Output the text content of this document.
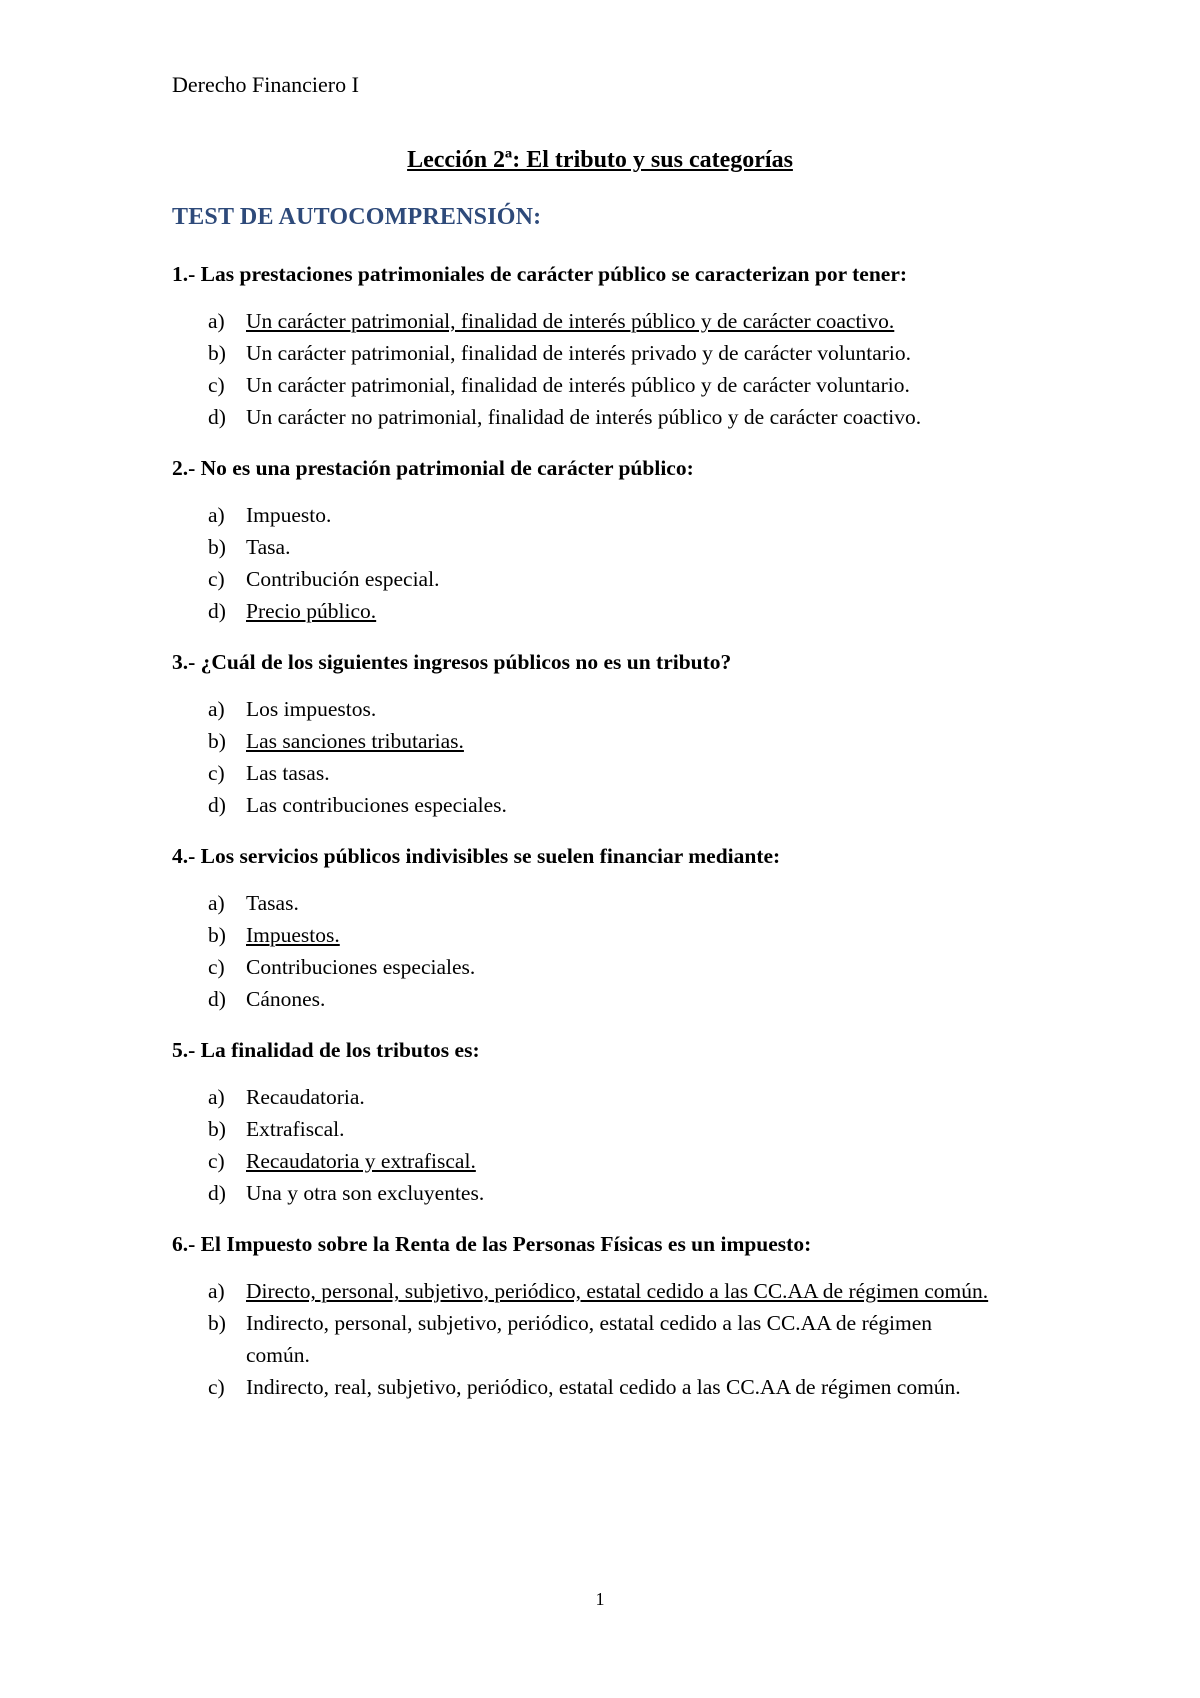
Derecho Financiero I
Lección 2ª: El tributo y sus categorías
TEST DE AUTOCOMPRENSIÓN:

1.- Las prestaciones patrimoniales de carácter público se caracterizan por tener:

a) Un carácter patrimonial, finalidad de interés público y de carácter coactivo.
b) Un carácter patrimonial, finalidad de interés privado y de carácter voluntario.
c) Un carácter patrimonial, finalidad de interés público y de carácter voluntario.
d) Un carácter no patrimonial, finalidad de interés público y de carácter coactivo.

2.- No es una prestación patrimonial de carácter público:

a) Impuesto.
b) Tasa.
c) Contribución especial.
d) Precio público.

3.- ¿Cuál de los siguientes ingresos públicos no es un tributo?

a) Los impuestos.
b) Las sanciones tributarias.
c) Las tasas.
d) Las contribuciones especiales.

4.- Los servicios públicos indivisibles se suelen financiar mediante:

a) Tasas.
b) Impuestos.
c) Contribuciones especiales.
d) Cánones.

5.- La finalidad de los tributos es:

a) Recaudatoria.
b) Extrafiscal.
c) Recaudatoria y extrafiscal.
d) Una y otra son excluyentes.

6.- El Impuesto sobre la Renta de las Personas Físicas es un impuesto:

a) Directo, personal, subjetivo, periódico, estatal cedido a las CC.AA de régimen común.
b) Indirecto, personal, subjetivo, periódico, estatal cedido a las CC.AA de régimen común.
c) Indirecto, real, subjetivo, periódico, estatal cedido a las CC.AA de régimen común.
1
